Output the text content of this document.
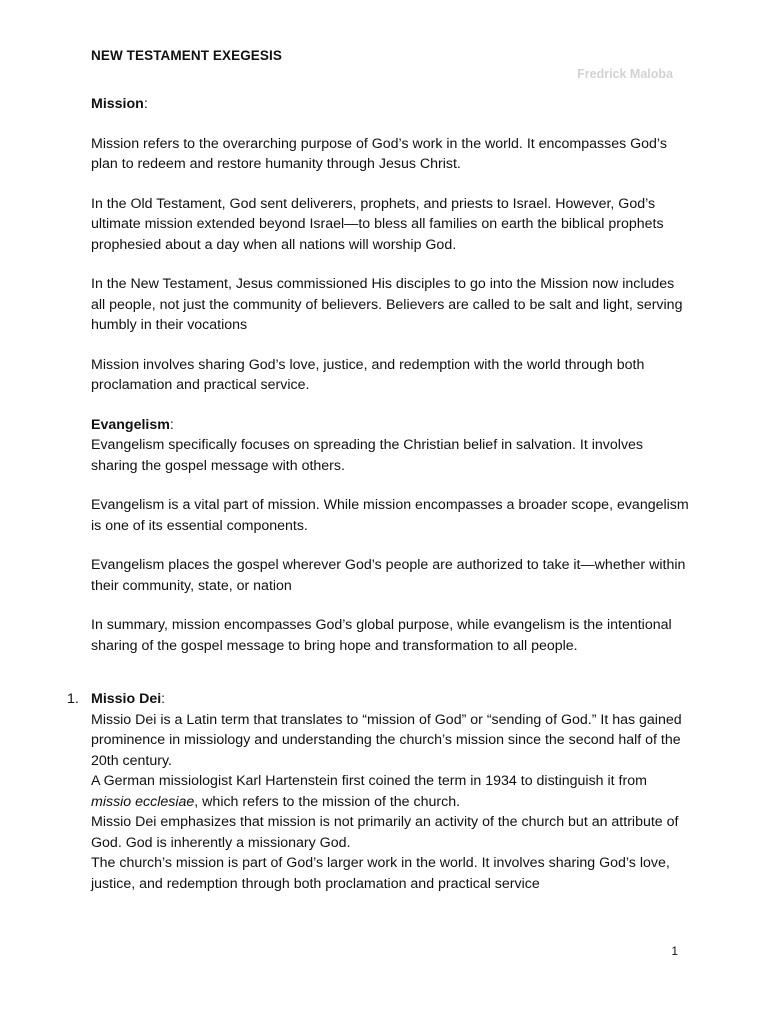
NEW TESTAMENT EXEGESIS
Fredrick Maloba

Mission:

Mission refers to the overarching purpose of God’s work in the world. It encompasses God’s plan to redeem and restore humanity through Jesus Christ.

In the Old Testament, God sent deliverers, prophets, and priests to Israel. However, God’s ultimate mission extended beyond Israel—to bless all families on earth the biblical prophets prophesied about a day when all nations will worship God.

In the New Testament, Jesus commissioned His disciples to go into the Mission now includes all people, not just the community of believers. Believers are called to be salt and light, serving humbly in their vocations

Mission involves sharing God’s love, justice, and redemption with the world through both proclamation and practical service.

Evangelism:

Evangelism specifically focuses on spreading the Christian belief in salvation. It involves sharing the gospel message with others.

Evangelism is a vital part of mission. While mission encompasses a broader scope, evangelism is one of its essential components.

Evangelism places the gospel wherever God’s people are authorized to take it—whether within their community, state, or nation

In summary, mission encompasses God’s global purpose, while evangelism is the intentional sharing of the gospel message to bring hope and transformation to all people.

1. Missio Dei:

Missio Dei is a Latin term that translates to “mission of God” or “sending of God.” It has gained prominence in missiology and understanding the church’s mission since the second half of the 20th century.

A German missiologist Karl Hartenstein first coined the term in 1934 to distinguish it from missio ecclesiae, which refers to the mission of the church.

Missio Dei emphasizes that mission is not primarily an activity of the church but an attribute of God. God is inherently a missionary God.

The church’s mission is part of God’s larger work in the world. It involves sharing God’s love, justice, and redemption through both proclamation and practical service

1
